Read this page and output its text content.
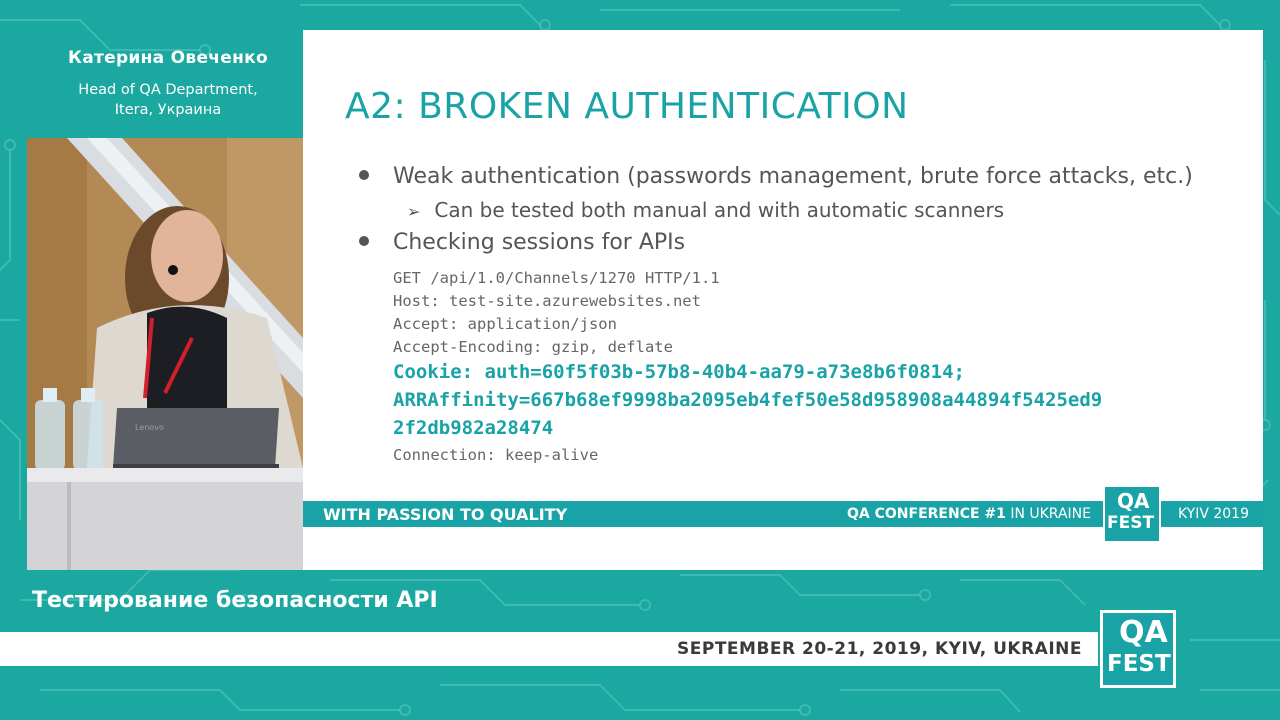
Катерина Овеченко
Head of QA Department,
Itera, Украина
Lenovo
A2: BROKEN AUTHENTICATION
Weak authentication (passwords management, brute force attacks, etc.)
➢ Can be tested both manual and with automatic scanners
Checking sessions for APIs
GET /api/1.0/Channels/1270 HTTP/1.1
Host: test-site.azurewebsites.net
Accept: application/json
Accept-Encoding: gzip, deflate
Cookie: auth=60f5f03b-57b8-40b4-aa79-a73e8b6f0814;
ARRAffinity=667b68ef9998ba2095eb4fef50e58d958908a44894f5425ed9
2f2db982a28474
Connection: keep-alive
WITH PASSION TO QUALITY	QA CONFERENCE #1 IN UKRAINE	KYIV 2019
QA
FEST
Тестирование безопасности API
SEPTEMBER 20-21, 2019, KYIV, UKRAINE QA
FEST
